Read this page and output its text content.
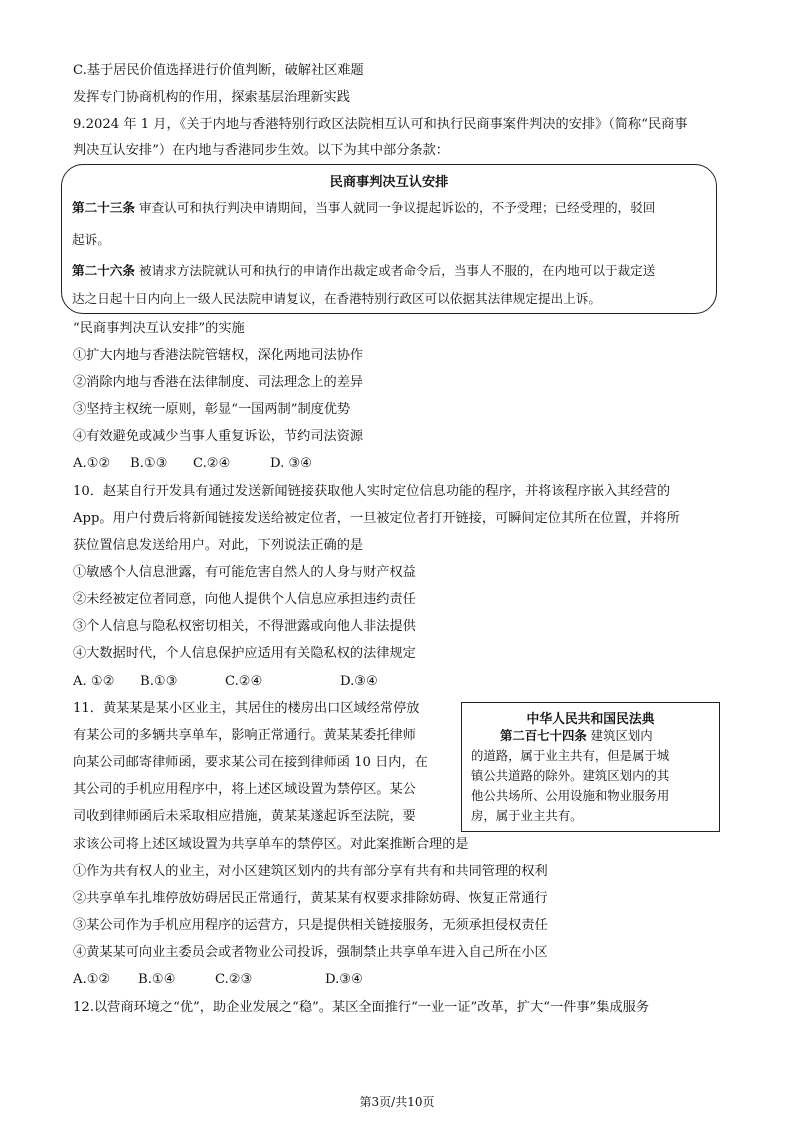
C.基于居民价值选择进行价值判断，破解社区难题
发挥专门协商机构的作用，探索基层治理新实践
9.2024 年 1 月，《关于内地与香港特别行政区法院相互认可和执行民商事案件判决的安排》（简称“民商事
判决互认安排”）在内地与香港同步生效。以下为其中部分条款：
民商事判决互认安排
第二十三条 审查认可和执行判决申请期间，当事人就同一争议提起诉讼的，不予受理；已经受理的，驳回
起诉。
第二十六条 被请求方法院就认可和执行的申请作出裁定或者命令后，当事人不服的，在内地可以于裁定送
达之日起十日内向上一级人民法院申请复议，在香港特别行政区可以依据其法律规定提出上诉。
“民商事判决互认安排”的实施
①扩大内地与香港法院管辖权，深化两地司法协作
②消除内地与香港在法律制度、司法理念上的差异
③坚持主权统一原则，彰显“一国两制”制度优势
④有效避免或减少当事人重复诉讼，节约司法资源
A.①② B.①③ C.②④	D. ③④
10．赵某自行开发具有通过发送新闻链接获取他人实时定位信息功能的程序，并将该程序嵌入其经营的
App。用户付费后将新闻链接发送给被定位者，一旦被定位者打开链接，可瞬间定位其所在位置，并将所
获位置信息发送给用户。对此，下列说法正确的是
①敏感个人信息泄露，有可能危害自然人的人身与财产权益
②未经被定位者同意，向他人提供个人信息应承担违约责任
③个人信息与隐私权密切相关，不得泄露或向他人非法提供
④大数据时代，个人信息保护应适用有关隐私权的法律规定
A. ①② B.①③	C.②④	D.③④
11．黄某某是某小区业主，其居住的楼房出口区域经常停放
有某公司的多辆共享单车，影响正常通行。黄某某委托律师
向某公司邮寄律师函，要求某公司在接到律师函 10 日内，在
其公司的手机应用程序中，将上述区域设置为禁停区。某公
司收到律师函后未采取相应措施，黄某某遂起诉至法院，要
求该公司将上述区域设置为共享单车的禁停区。对此案推断合理的是
中华人民共和国民法典
第二百七十四条 建筑区划内
的道路，属于业主共有，但是属于城
镇公共道路的除外。建筑区划内的其
他公共场所、公用设施和物业服务用
房，属于业主共有。
①作为共有权人的业主，对小区建筑区划内的共有部分享有共有和共同管理的权利
②共享单车扎堆停放妨碍居民正常通行，黄某某有权要求排除妨碍、恢复正常通行
③某公司作为手机应用程序的运营方，只是提供相关链接服务，无须承担侵权责任
④黄某某可向业主委员会或者物业公司投诉，强制禁止共享单车进入自己所在小区
A.①② B.①④	C.②③	D.③④
12.以营商环境之“优”，助企业发展之“稳”。某区全面推行“一业一证”改革，扩大“一件事”集成服务
第3页/共10页
